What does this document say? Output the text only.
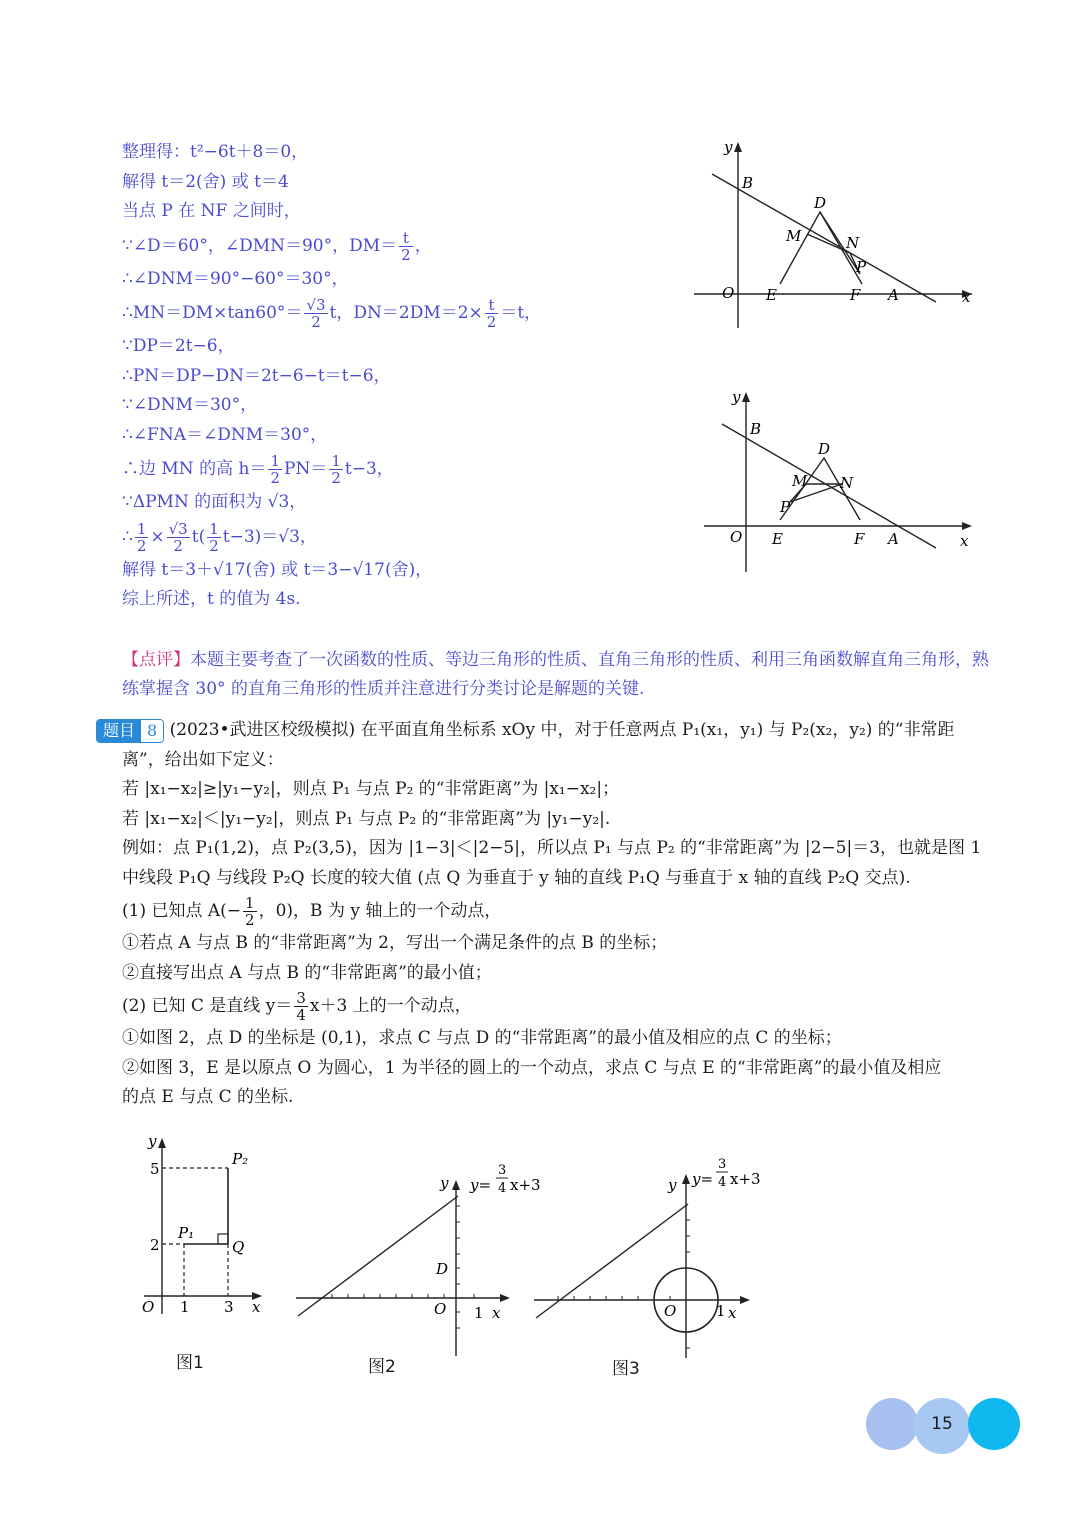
整理得：t²−6t＋8＝0，
解得 t＝2(舍) 或 t＝4
当点 P 在 NF 之间时，
∵∠D＝60°，∠DMN＝90°，$DM= \frac{t}{2}$ ，
∴∠DNM＝90°−60°＝30°，
∴MN＝DM×tan60°＝ $\frac{√3}{2}$ t，$DN=2DM=2\times \frac{t}{2} =t$，
∵DP＝2t−6，
∴PN＝DP−DN＝2t−6−t＝t−6，
∵∠DNM＝30°，
∴∠FNA＝∠DNM＝30°，
∴边 MN 的高 $h= \frac{1}{2} PN= \frac{1}{2} t-3$，
∵ΔPMN 的面积为 √3，
∴ $\frac{1}{2} \times \frac{√3}{2} t( \frac{1}{2} t-3)=√3$，
解得 t＝3＋√17(舍) 或 t＝3−√17(舍)，
综上所述，t 的值为 4s.
y
x
O
B
D
M	N
P
E	F A
y
x
O
B
D
M N
P
E	F A
【点评】本题主要考查了一次函数的性质、等边三角形的性质、直角三角形的性质、利用三角函数解直角三角形，熟练掌握含 30° 的直角三角形的性质并注意进行分类讨论是解题的关键.
题目 8 (2023•武进区校级模拟) 在平面直角坐标系 xOy 中，对于任意两点 P₁(x₁，y₁) 与 P₂(x₂，y₂) 的“非常距
离”，给出如下定义：
若 |x₁−x₂|≥|y₁−y₂|，则点 P₁ 与点 P₂ 的“非常距离”为 |x₁−x₂|；
若 |x₁−x₂|＜|y₁−y₂|，则点 P₁ 与点 P₂ 的“非常距离”为 |y₁−y₂|.
例如：点 P₁(1,2)，点 P₂(3,5)，因为 |1−3|＜|2−5|，所以点 P₁ 与点 P₂ 的“非常距离”为 |2−5|＝3，也就是图 1
中线段 P₁Q 与线段 P₂Q 长度的较大值 (点 Q 为垂直于 y 轴的直线 P₁Q 与垂直于 x 轴的直线 P₂Q 交点).
(1) 已知点 $A(- \frac{1}{2}$ ，0)，B 为 y 轴上的一个动点，
①若点 A 与点 B 的“非常距离”为 2，写出一个满足条件的点 B 的坐标；
②直接写出点 A 与点 B 的“非常距离”的最小值；
(2) 已知 C 是直线 $y= \frac{3}{4} x+3$ 上的一个动点，
①如图 2，点 D 的坐标是 (0,1)，求点 C 与点 D 的“非常距离”的最小值及相应的点 C 的坐标；
②如图 3，E 是以原点 O 为圆心，1 为半径的圆上的一个动点，求点 C 与点 E 的“非常距离”的最小值及相应
的点 E 与点 C 的坐标.
y
x
O
5
2
1 3
P₁
P₂
Q
图1
y
x
O 1
D
y=
3
4 x+3
图2
y
x
O	1
y=
3
4 x+3
图3
15
